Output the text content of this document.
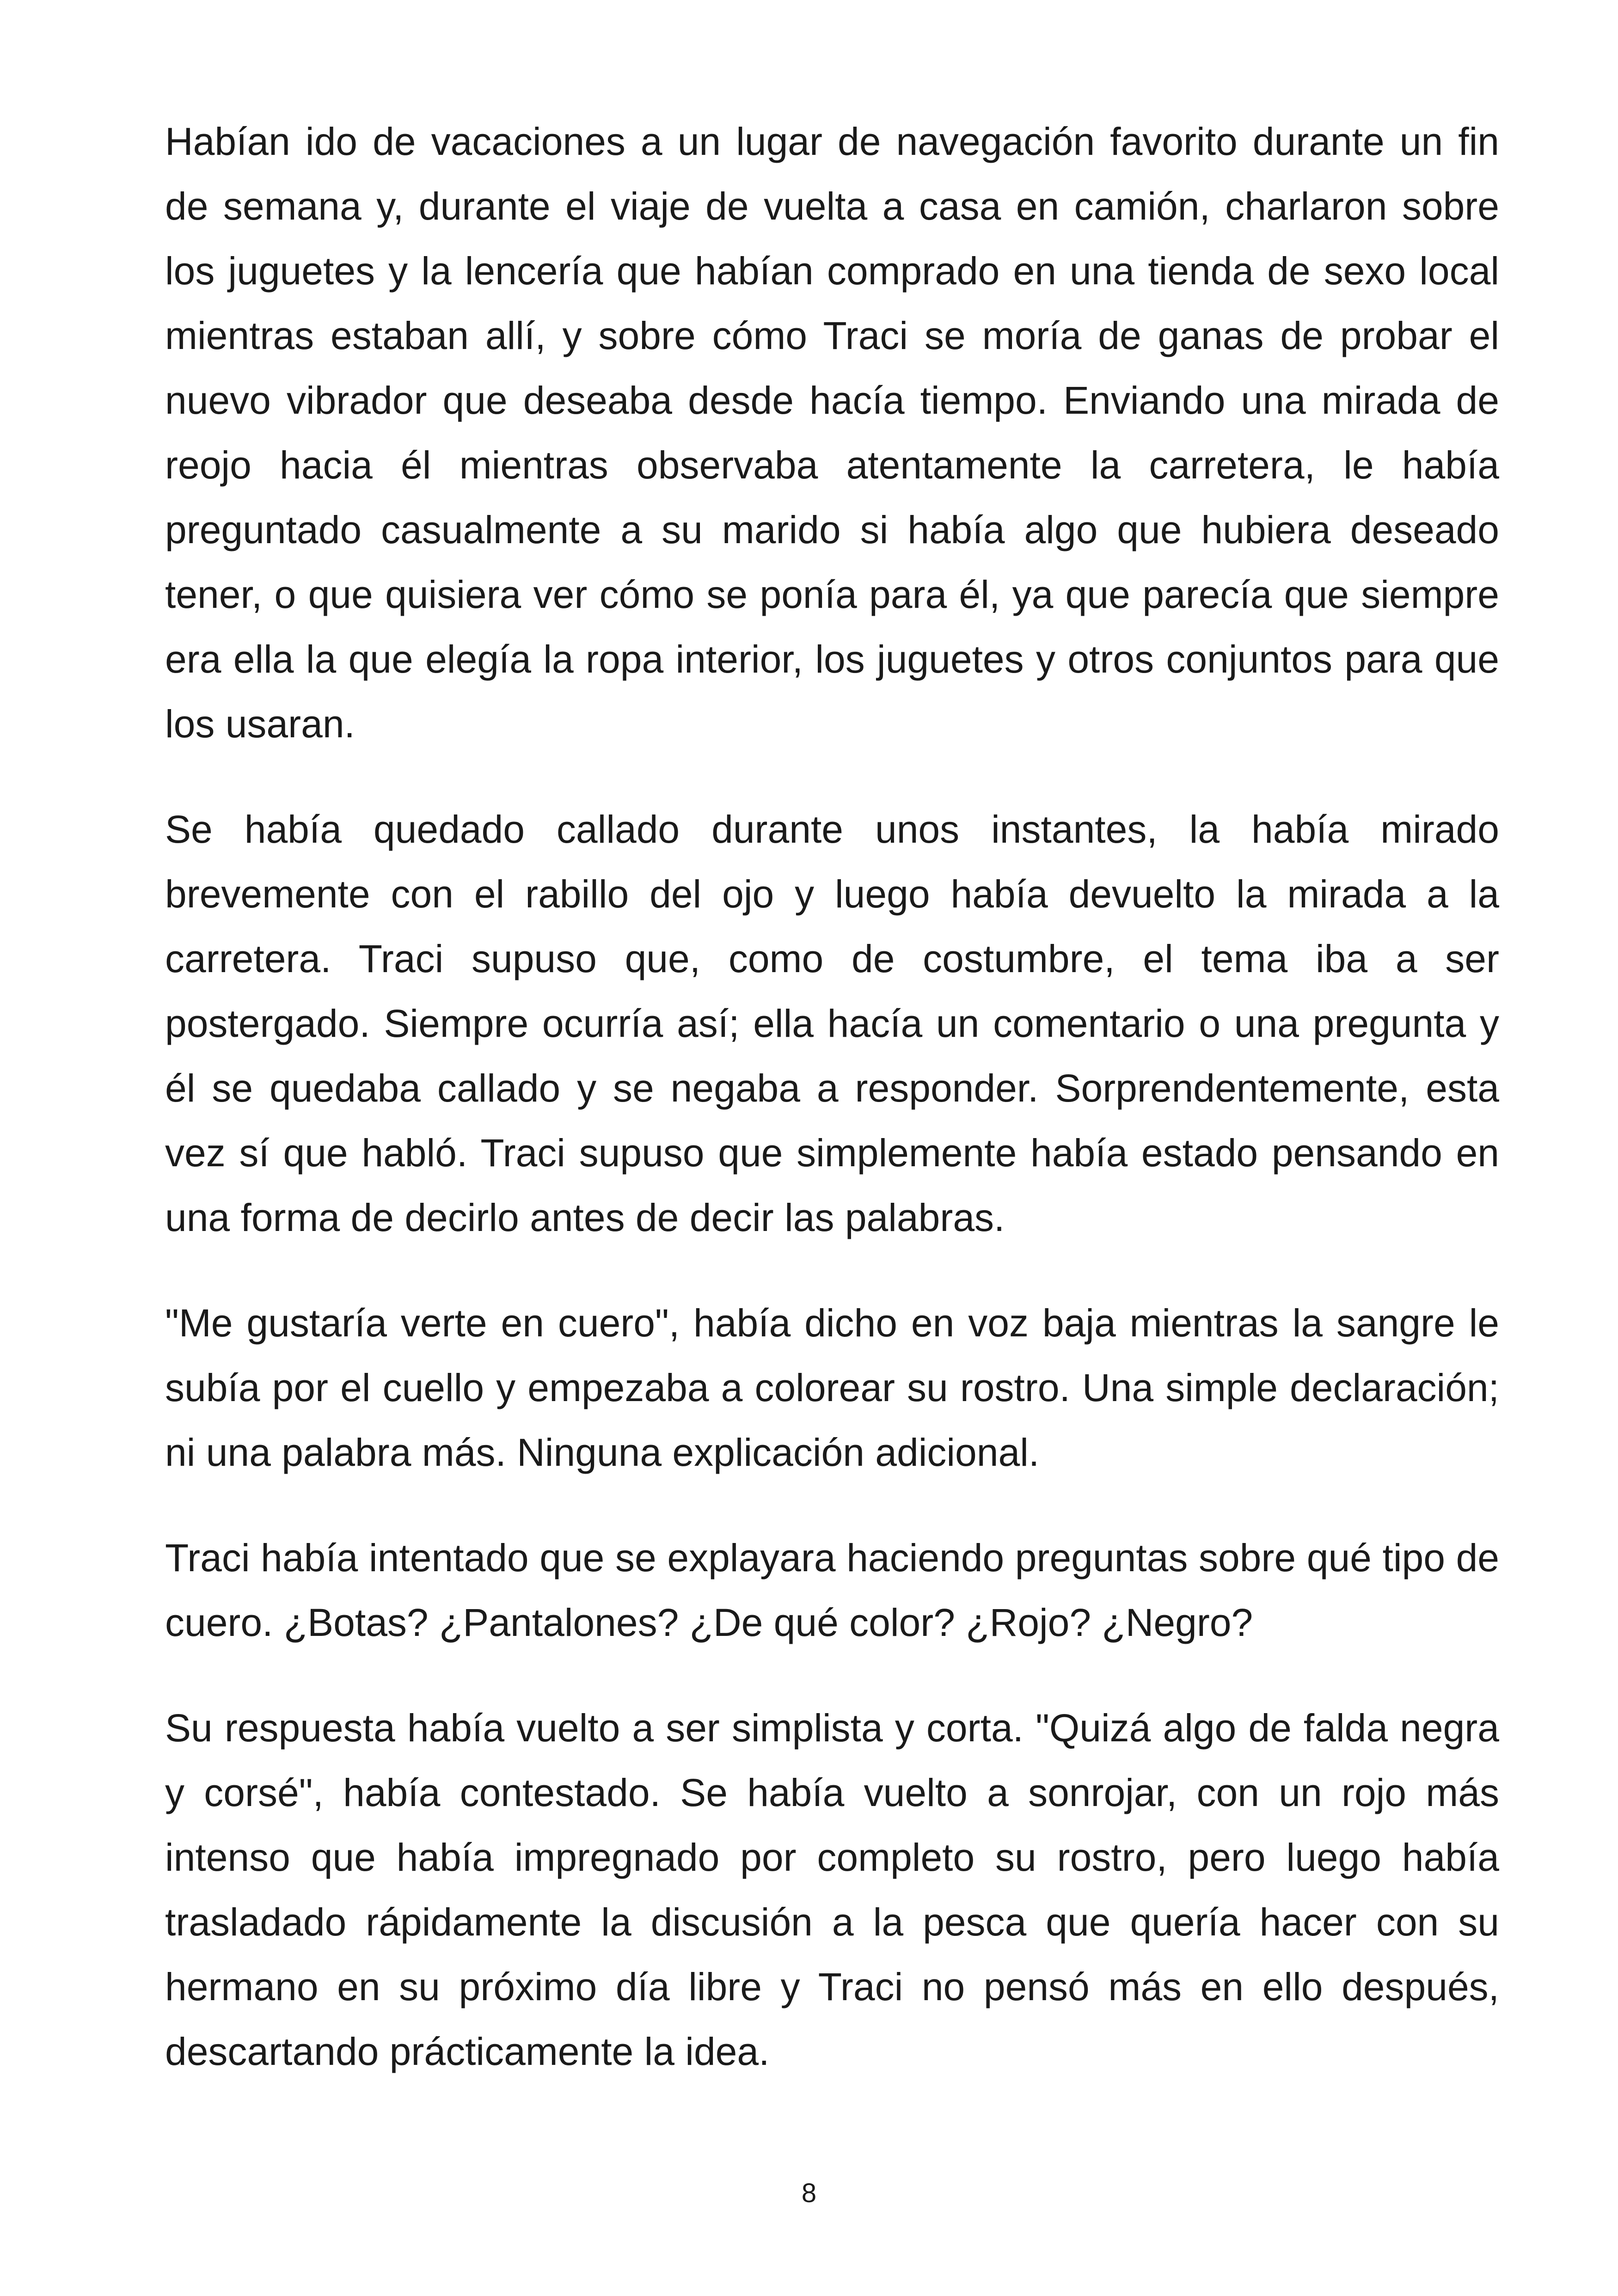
Habían ido de vacaciones a un lugar de navegación favorito durante un fin de semana y, durante el viaje de vuelta a casa en camión, charlaron sobre los juguetes y la lencería que habían comprado en una tienda de sexo local mientras estaban allí, y sobre cómo Traci se moría de ganas de probar el nuevo vibrador que deseaba desde hacía tiempo. Enviando una mirada de reojo hacia él mientras observaba atentamente la carretera, le había preguntado casualmente a su marido si había algo que hubiera deseado tener, o que quisiera ver cómo se ponía para él, ya que parecía que siempre era ella la que elegía la ropa interior, los juguetes y otros conjuntos para que los usaran.

Se había quedado callado durante unos instantes, la había mirado brevemente con el rabillo del ojo y luego había devuelto la mirada a la carretera. Traci supuso que, como de costumbre, el tema iba a ser postergado. Siempre ocurría así; ella hacía un comentario o una pregunta y él se quedaba callado y se negaba a responder. Sorprendentemente, esta vez sí que habló. Traci supuso que simplemente había estado pensando en una forma de decirlo antes de decir las palabras.

"Me gustaría verte en cuero", había dicho en voz baja mientras la sangre le subía por el cuello y empezaba a colorear su rostro. Una simple declaración; ni una palabra más. Ninguna explicación adicional.

Traci había intentado que se explayara haciendo preguntas sobre qué tipo de cuero. ¿Botas? ¿Pantalones? ¿De qué color? ¿Rojo? ¿Negro?

Su respuesta había vuelto a ser simplista y corta. "Quizá algo de falda negra y corsé", había contestado. Se había vuelto a sonrojar, con un rojo más intenso que había impregnado por completo su rostro, pero luego había trasladado rápidamente la discusión a la pesca que quería hacer con su hermano en su próximo día libre y Traci no pensó más en ello después, descartando prácticamente la idea.

8
